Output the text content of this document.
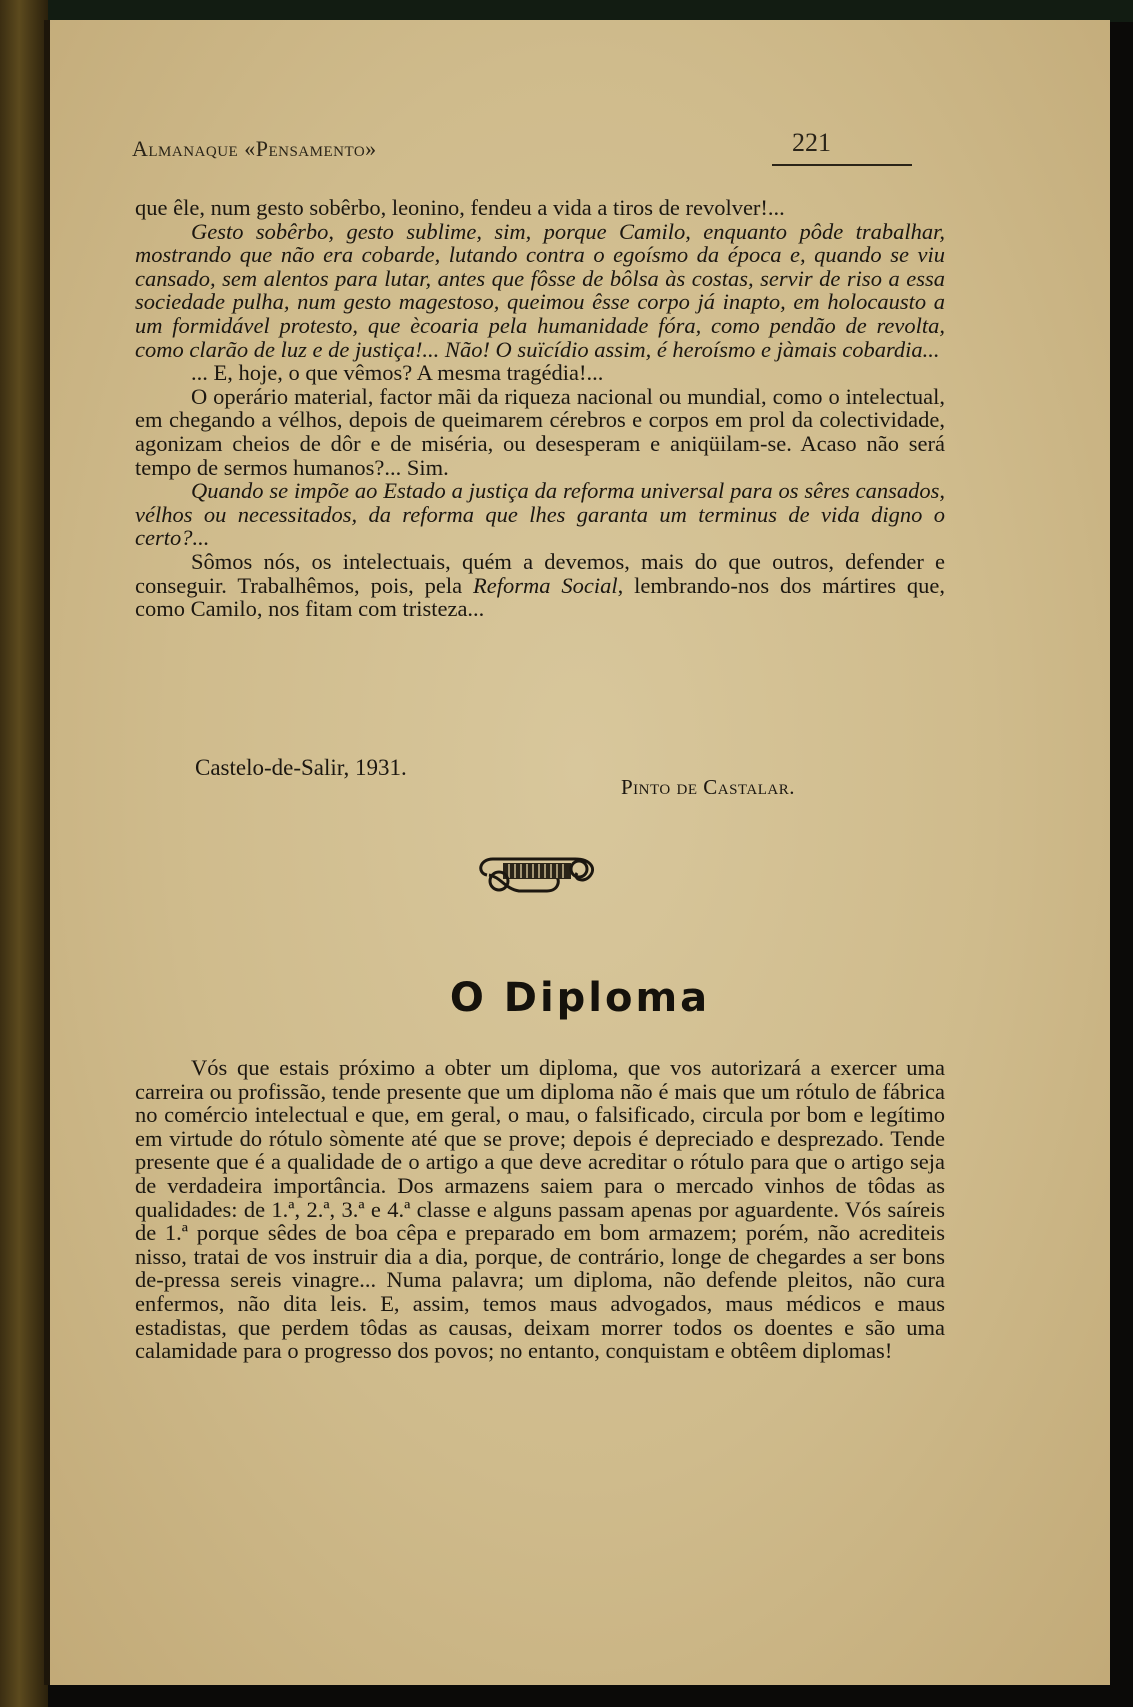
Almanaque «Pensamento»	221

que êle, num gesto sobêrbo, leonino, fendeu a vida a tiros de revolver!...

Gesto sobêrbo, gesto sublime, sim, porque Camilo, enquanto pôde trabalhar, mostrando que não era cobarde, lutando contra o egoísmo da época e, quando se viu cansado, sem alentos para lutar, antes que fôsse de bôlsa às costas, servir de riso a essa sociedade pulha, num gesto magestoso, queimou êsse corpo já inapto, em holocausto a um formidável protesto, que ècoaria pela humanidade fóra, como pendão de revolta, como clarão de luz e de justiça!... Não! O suïcídio assim, é heroísmo e jàmais cobardia...

... E, hoje, o que vêmos? A mesma tragédia!...

O operário material, factor mãi da riqueza nacional ou mundial, como o intelectual, em chegando a vélhos, depois de queimarem cérebros e corpos em prol da colectividade, agonizam cheios de dôr e de miséria, ou desesperam e aniqüilam-se. Acaso não será tempo de sermos humanos?... Sim.

Quando se impõe ao Estado a justiça da reforma universal para os sêres cansados, vélhos ou necessitados, da reforma que lhes garanta um terminus de vida digno o certo?...

Sômos nós, os intelectuais, quém a devemos, mais do que outros, defender e conseguir. Trabalhêmos, pois, pela Reforma Social, lembrando-nos dos mártires que, como Camilo, nos fitam com tristeza...

Castelo-de-Salir, 1931.
Pinto de Castalar.
O Diploma

Vós que estais próximo a obter um diploma, que vos autorizará a exercer uma carreira ou profissão, tende presente que um diploma não é mais que um rótulo de fábrica no comércio intelectual e que, em geral, o mau, o falsificado, circula por bom e legítimo em virtude do rótulo sòmente até que se prove; depois é depreciado e desprezado. Tende presente que é a qualidade de o artigo a que deve acreditar o rótulo para que o artigo seja de verdadeira importância. Dos armazens saiem para o mercado vinhos de tôdas as qualidades: de 1.ª, 2.ª, 3.ª e 4.ª classe e alguns passam apenas por aguardente. Vós saíreis de 1.ª porque sêdes de boa cêpa e preparado em bom armazem; porém, não acrediteis nisso, tratai de vos instruir dia a dia, porque, de contrário, longe de chegardes a ser bons de-pressa sereis vinagre... Numa palavra; um diploma, não defende pleitos, não cura enfermos, não dita leis. E, assim, temos maus advogados, maus médicos e maus estadistas, que perdem tôdas as causas, deixam morrer todos os doentes e são uma calamidade para o progresso dos povos; no entanto, conquistam e obtêem diplomas!
